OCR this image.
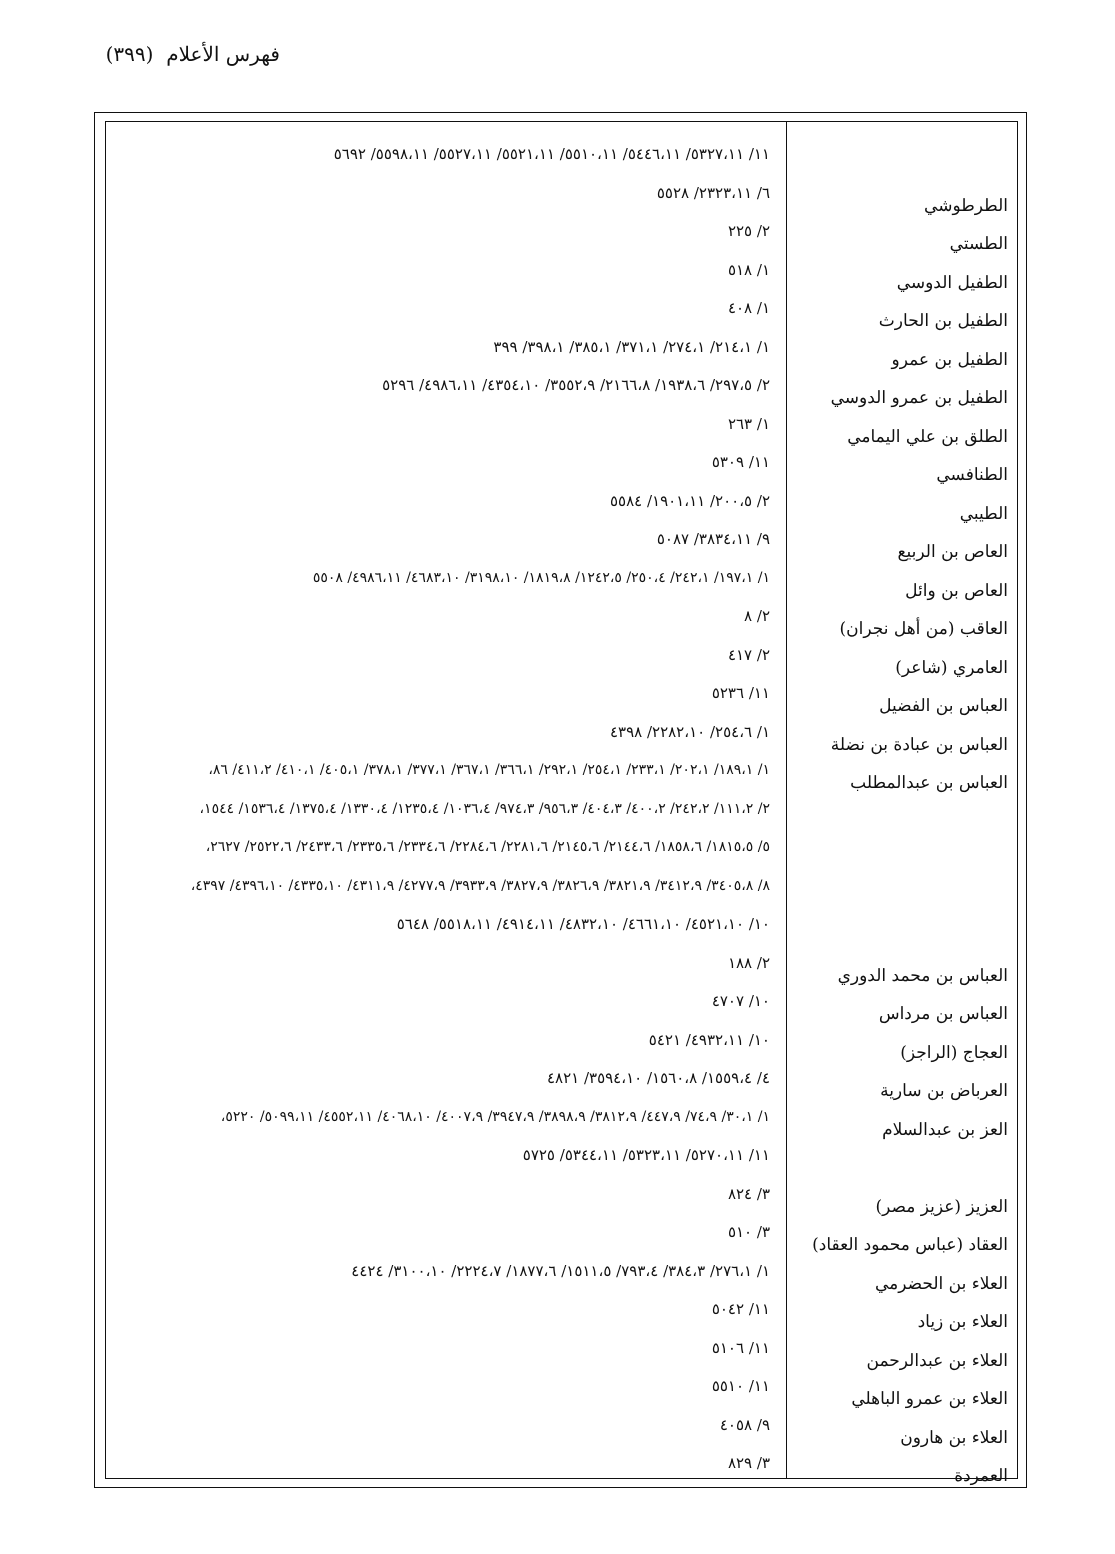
فهرس الأعلام  (٣٩٩)
١١/ ٥٣٢٧،١١/ ٥٤٤٦،١١/ ٥٥١٠،١١/ ٥٥٢١،١١/ ٥٥٢٧،١١/ ٥٥٩٨،١١/ ٥٦٩٢
الطرطوشي
٦/ ٢٣٢٣،١١/ ٥٥٢٨
الطستي
٢/ ٢٢٥
الطفيل الدوسي
١/ ٥١٨
الطفيل بن الحارث
١/ ٤٠٨
الطفيل بن عمرو
١/ ٢١٤،١/ ٢٧٤،١/ ٣٧١،١/ ٣٨٥،١/ ٣٩٨،١/ ٣٩٩
الطفيل بن عمرو الدوسي
٢/ ٢٩٧،٥/ ١٩٣٨،٦/ ٢١٦٦،٨/ ٣٥٥٢،٩/ ٤٣٥٤،١٠/ ٤٩٨٦،١١/ ٥٢٩٦
الطلق بن علي اليمامي
١/ ٢٦٣
الطنافسي
١١/ ٥٣٠٩
الطيبي
٢/ ٢٠٠،٥/ ١٩٠١،١١/ ٥٥٨٤
العاص بن الربيع
٩/ ٣٨٣٤،١١/ ٥٠٨٧
العاص بن وائل
١/ ١٩٧،١/ ٢٤٢،١/ ٢٥٠،٤/ ١٢٤٢،٥/ ١٨١٩،٨/ ٣١٩٨،١٠/ ٤٦٨٣،١٠/ ٤٩٨٦،١١/ ٥٥٠٨
العاقب (من أهل نجران)
٢/ ٨
العامري (شاعر)
٢/ ٤١٧
العباس بن الفضيل
١١/ ٥٢٣٦
العباس بن عبادة بن نضلة
١/ ٢٥٤،٦/ ٢٢٨٢،١٠/ ٤٣٩٨
العباس بن عبدالمطلب
١/ ١٨٩،١/ ٢٠٢،١/ ٢٣٣،١/ ٢٥٤،١/ ٢٩٢،١/ ٣٦٦،١/ ٣٦٧،١/ ٣٧٧،١/ ٣٧٨،١/ ٤٠٥،١/ ٤١٠،١/ ٤١١،٢/ ٨٦،
٢/ ١١١،٢/ ٢٤٢،٢/ ٤٠٠،٢/ ٤٠٤،٣/ ٩٥٦،٣/ ٩٧٤،٣/ ١٠٣٦،٤/ ١٢٣٥،٤/ ١٣٣٠،٤/ ١٣٧٥،٤/ ١٥٣٦،٤/ ١٥٤٤،
٥/ ١٨١٥،٥/ ١٨٥٨،٦/ ٢١٤٤،٦/ ٢١٤٥،٦/ ٢٢٨١،٦/ ٢٢٨٤،٦/ ٢٣٣٤،٦/ ٢٣٣٥،٦/ ٢٤٣٣،٦/ ٢٥٢٢،٦/ ٢٦٢٧،
٨/ ٣٤٠٥،٨/ ٣٤١٢،٩/ ٣٨٢١،٩/ ٣٨٢٦،٩/ ٣٨٢٧،٩/ ٣٩٣٣،٩/ ٤٢٧٧،٩/ ٤٣١١،٩/ ٤٣٣٥،١٠/ ٤٣٩٦،١٠/ ٤٣٩٧،
١٠/ ٤٥٢١،١٠/ ٤٦٦١،١٠/ ٤٨٣٢،١٠/ ٤٩١٤،١١/ ٥٥١٨،١١/ ٥٦٤٨
العباس بن محمد الدوري
٢/ ١٨٨
العباس بن مرداس
١٠/ ٤٧٠٧
العجاج (الراجز)
١٠/ ٤٩٣٢،١١/ ٥٤٢١
العرباض بن سارية
٤/ ١٥٥٩،٤/ ١٥٦٠،٨/ ٣٥٩٤،١٠/ ٤٨٢١
العز بن عبدالسلام
١/ ٣٠،١/ ٧٤،٩/ ٤٤٧،٩/ ٣٨١٢،٩/ ٣٨٩٨،٩/ ٣٩٤٧،٩/ ٤٠٠٧،٩/ ٤٠٦٨،١٠/ ٤٥٥٢،١١/ ٥٠٩٩،١١/ ٥٢٢٠،
١١/ ٥٢٧٠،١١/ ٥٣٢٣،١١/ ٥٣٤٤،١١/ ٥٧٢٥
العزيز (عزيز مصر)
٣/ ٨٢٤
العقاد (عباس محمود العقاد)
٣/ ٥١٠
العلاء بن الحضرمي
١/ ٢٧٦،١/ ٣٨٤،٣/ ٧٩٣،٤/ ١٥١١،٥/ ١٨٧٧،٦/ ٢٢٢٤،٧/ ٣١٠٠،١٠/ ٤٤٢٤
العلاء بن زياد
١١/ ٥٠٤٢
العلاء بن عبدالرحمن
١١/ ٥١٠٦
العلاء بن عمرو الباهلي
١١/ ٥٥١٠
العلاء بن هارون
٩/ ٤٠٥٨
العمردة
٣/ ٨٢٩
